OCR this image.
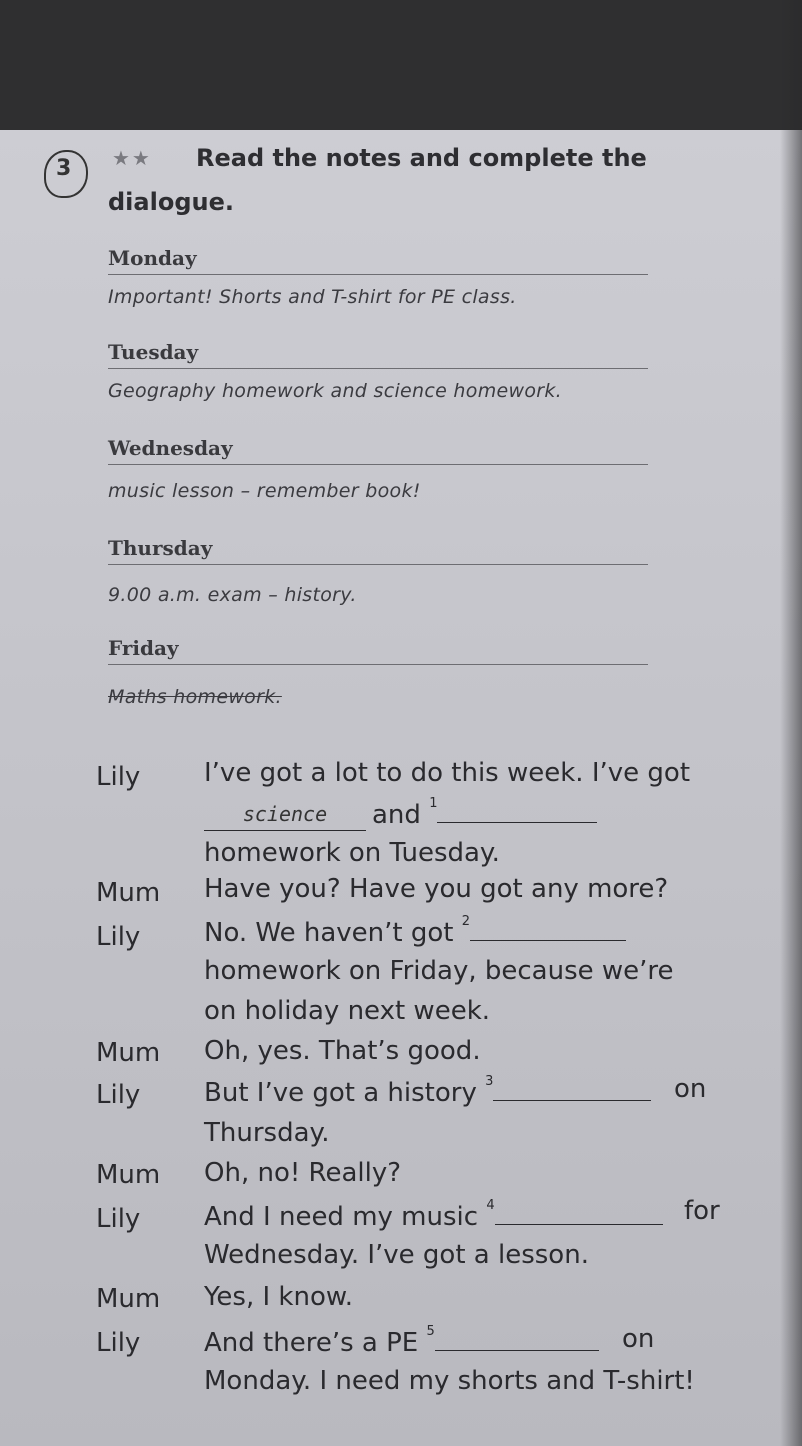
3 ★★	Read the notes and complete the
dialogue.
Monday
Important! Shorts and T-shirt for PE class.
Tuesday
Geography homework and science homework.
Wednesday
music lesson – remember book!
Thursday
9.00 a.m. exam – history.
Friday
Maths homework.
Lily I’ve got a lot to do this week. I’ve got
science	and $^1$
homework on Tuesday.
Mum Have you? Have you got any more?
Lily No. We haven’t got $^2$
homework on Friday, because we’re
on holiday next week.
Mum Oh, yes. That’s good.
Lily But I’ve got a history $^3$	on
Thursday.
Mum Oh, no! Really?
Lily And I need my music $^4$	for
Wednesday. I’ve got a lesson.
Mum Yes, I know.
Lily And there’s a PE $^5$	on
Monday. I need my shorts and T-shirt!
